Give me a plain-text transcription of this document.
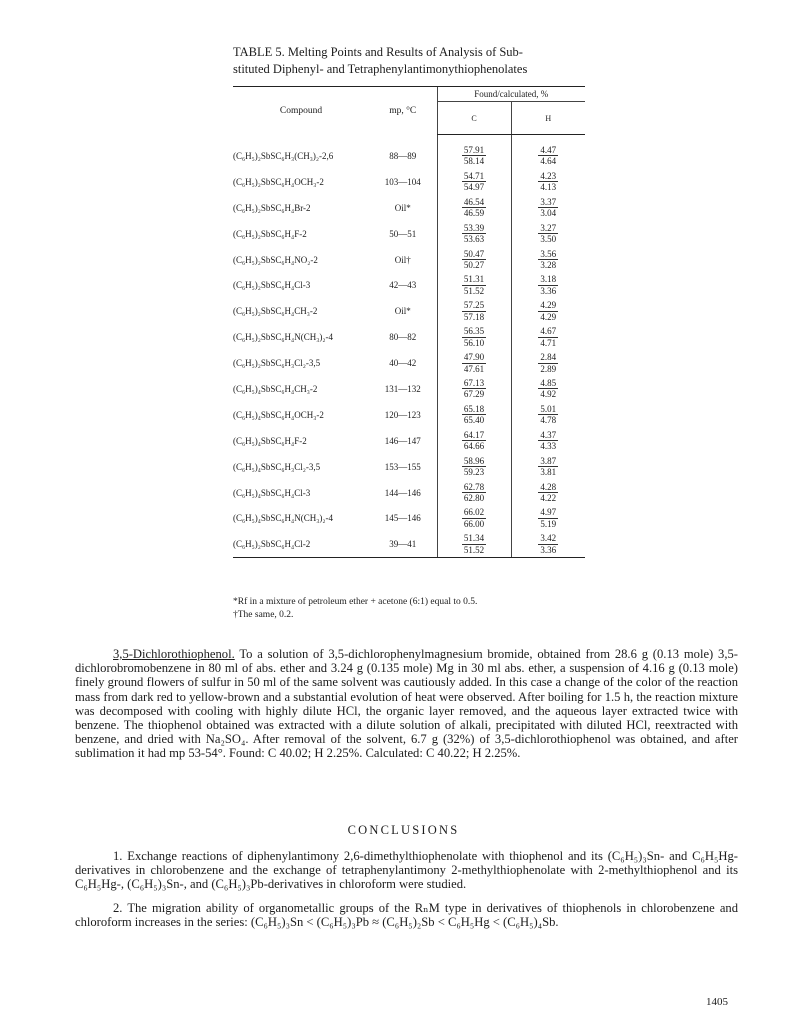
TABLE 5. Melting Points and Results of Analysis of Sub-
stituted Diphenyl- and Tetraphenylantimonythiophenolates
Compound	mp, °C	Found/calculated, %	
		C	H
(C₆H₅)₂SbSC₆H₃(CH₃)₂-2,6	88—89	$\frac{57.91}{58.14}$	$\frac{4.47}{4.64}$

(C₆H₅)₂SbSC₆H₄OCH₃-2	103—104	$\frac{54.71}{54.97}$	$\frac{4.23}{4.13}$

(C₆H₅)₂SbSC₆H₄Br-2	Oil*	$\frac{46.54}{46.59}$	$\frac{3.37}{3.04}$

(C₆H₅)₂SbSC₆H₄F-2	50—51	$\frac{53.39}{53.63}$	$\frac{3.27}{3.50}$

(C₆H₅)₂SbSC₆H₄NO₂-2	Oil†	$\frac{50.47}{50.27}$	$\frac{3.56}{3.28}$

(C₆H₅)₂SbSC₆H₄Cl-3	42—43	$\frac{51.31}{51.52}$	$\frac{3.18}{3.36}$

(C₆H₅)₂SbSC₆H₄CH₃-2	Oil*	$\frac{57.25}{57.18}$	$\frac{4.29}{4.29}$

(C₆H₅)₂SbSC₆H₄N(CH₃)₂-4	80—82	$\frac{56.35}{56.10}$	$\frac{4.67}{4.71}$

(C₆H₅)₂SbSC₆H₃Cl₂-3,5	40—42	$\frac{47.90}{47.61}$	$\frac{2.84}{2.89}$

(C₆H₅)₄SbSC₆H₄CH₃-2	131—132	$\frac{67.13}{67.29}$	$\frac{4.85}{4.92}$

(C₆H₅)₄SbSC₆H₄OCH₃-2	120—123	$\frac{65.18}{65.40}$	$\frac{5.01}{4.78}$

(C₆H₅)₄SbSC₆H₄F-2	146—147	$\frac{64.17}{64.66}$	$\frac{4.37}{4.33}$

(C₆H₅)₄SbSC₆H₃Cl₂-3,5	153—155	$\frac{58.96}{59.23}$	$\frac{3.87}{3.81}$

(C₆H₅)₄SbSC₆H₄Cl-3	144—146	$\frac{62.78}{62.80}$	$\frac{4.28}{4.22}$

(C₆H₅)₄SbSC₆H₄N(CH₃)₂-4	145—146	$\frac{66.02}{66.00}$	$\frac{4.97}{5.19}$

(C₆H₅)₂SbSC₆H₄Cl-2	39—41	$\frac{51.34}{51.52}$	$\frac{3.42}{3.36}$
*Rf in a mixture of petroleum ether + acetone (6:1) equal to 0.5.
†The same, 0.2.
3,5-Dichlorothiophenol. To a solution of 3,5-dichlorophenylmagnesium bromide, obtained from 28.6 g (0.13 mole) 3,5-dichlorobromobenzene in 80 ml of abs. ether and 3.24 g (0.135 mole) Mg in 30 ml abs. ether, a suspension of 4.16 g (0.13 mole) finely ground flowers of sulfur in 50 ml of the same solvent was cautiously added. In this case a change of the color of the reaction mass from dark red to yellow-brown and a substantial evolution of heat were observed. After boiling for 1.5 h, the reaction mixture was decomposed with cooling with highly dilute HCl, the organic layer removed, and the aqueous layer extracted twice with benzene. The thiophenol obtained was extracted with a dilute solution of alkali, precipitated with diluted HCl, reextracted with benzene, and dried with Na₂SO₄. After removal of the solvent, 6.7 g (32%) of 3,5-dichlorothiophenol was obtained, and after sublimation it had mp 53-54°. Found: C 40.02; H 2.25%. Calculated: C 40.22; H 2.25%.
CONCLUSIONS
1. Exchange reactions of diphenylantimony 2,6-dimethylthiophenolate with thiophenol and its (C₆H₅)₃Sn- and C₆H₅Hg-derivatives in chlorobenzene and the exchange of tetraphenylantimony 2-methylthiophenolate with 2-methylthiophenol and its C₆H₅Hg-, (C₆H₅)₃Sn-, and (C₆H₅)₃Pb-derivatives in chloroform were studied.
2. The migration ability of organometallic groups of the RₙM type in derivatives of thiophenols in chlorobenzene and chloroform increases in the series: (C₆H₅)₃Sn < (C₆H₅)₃Pb ≈ (C₆H₅)₂Sb < C₆H₅Hg < (C₆H₅)₄Sb.
1405
